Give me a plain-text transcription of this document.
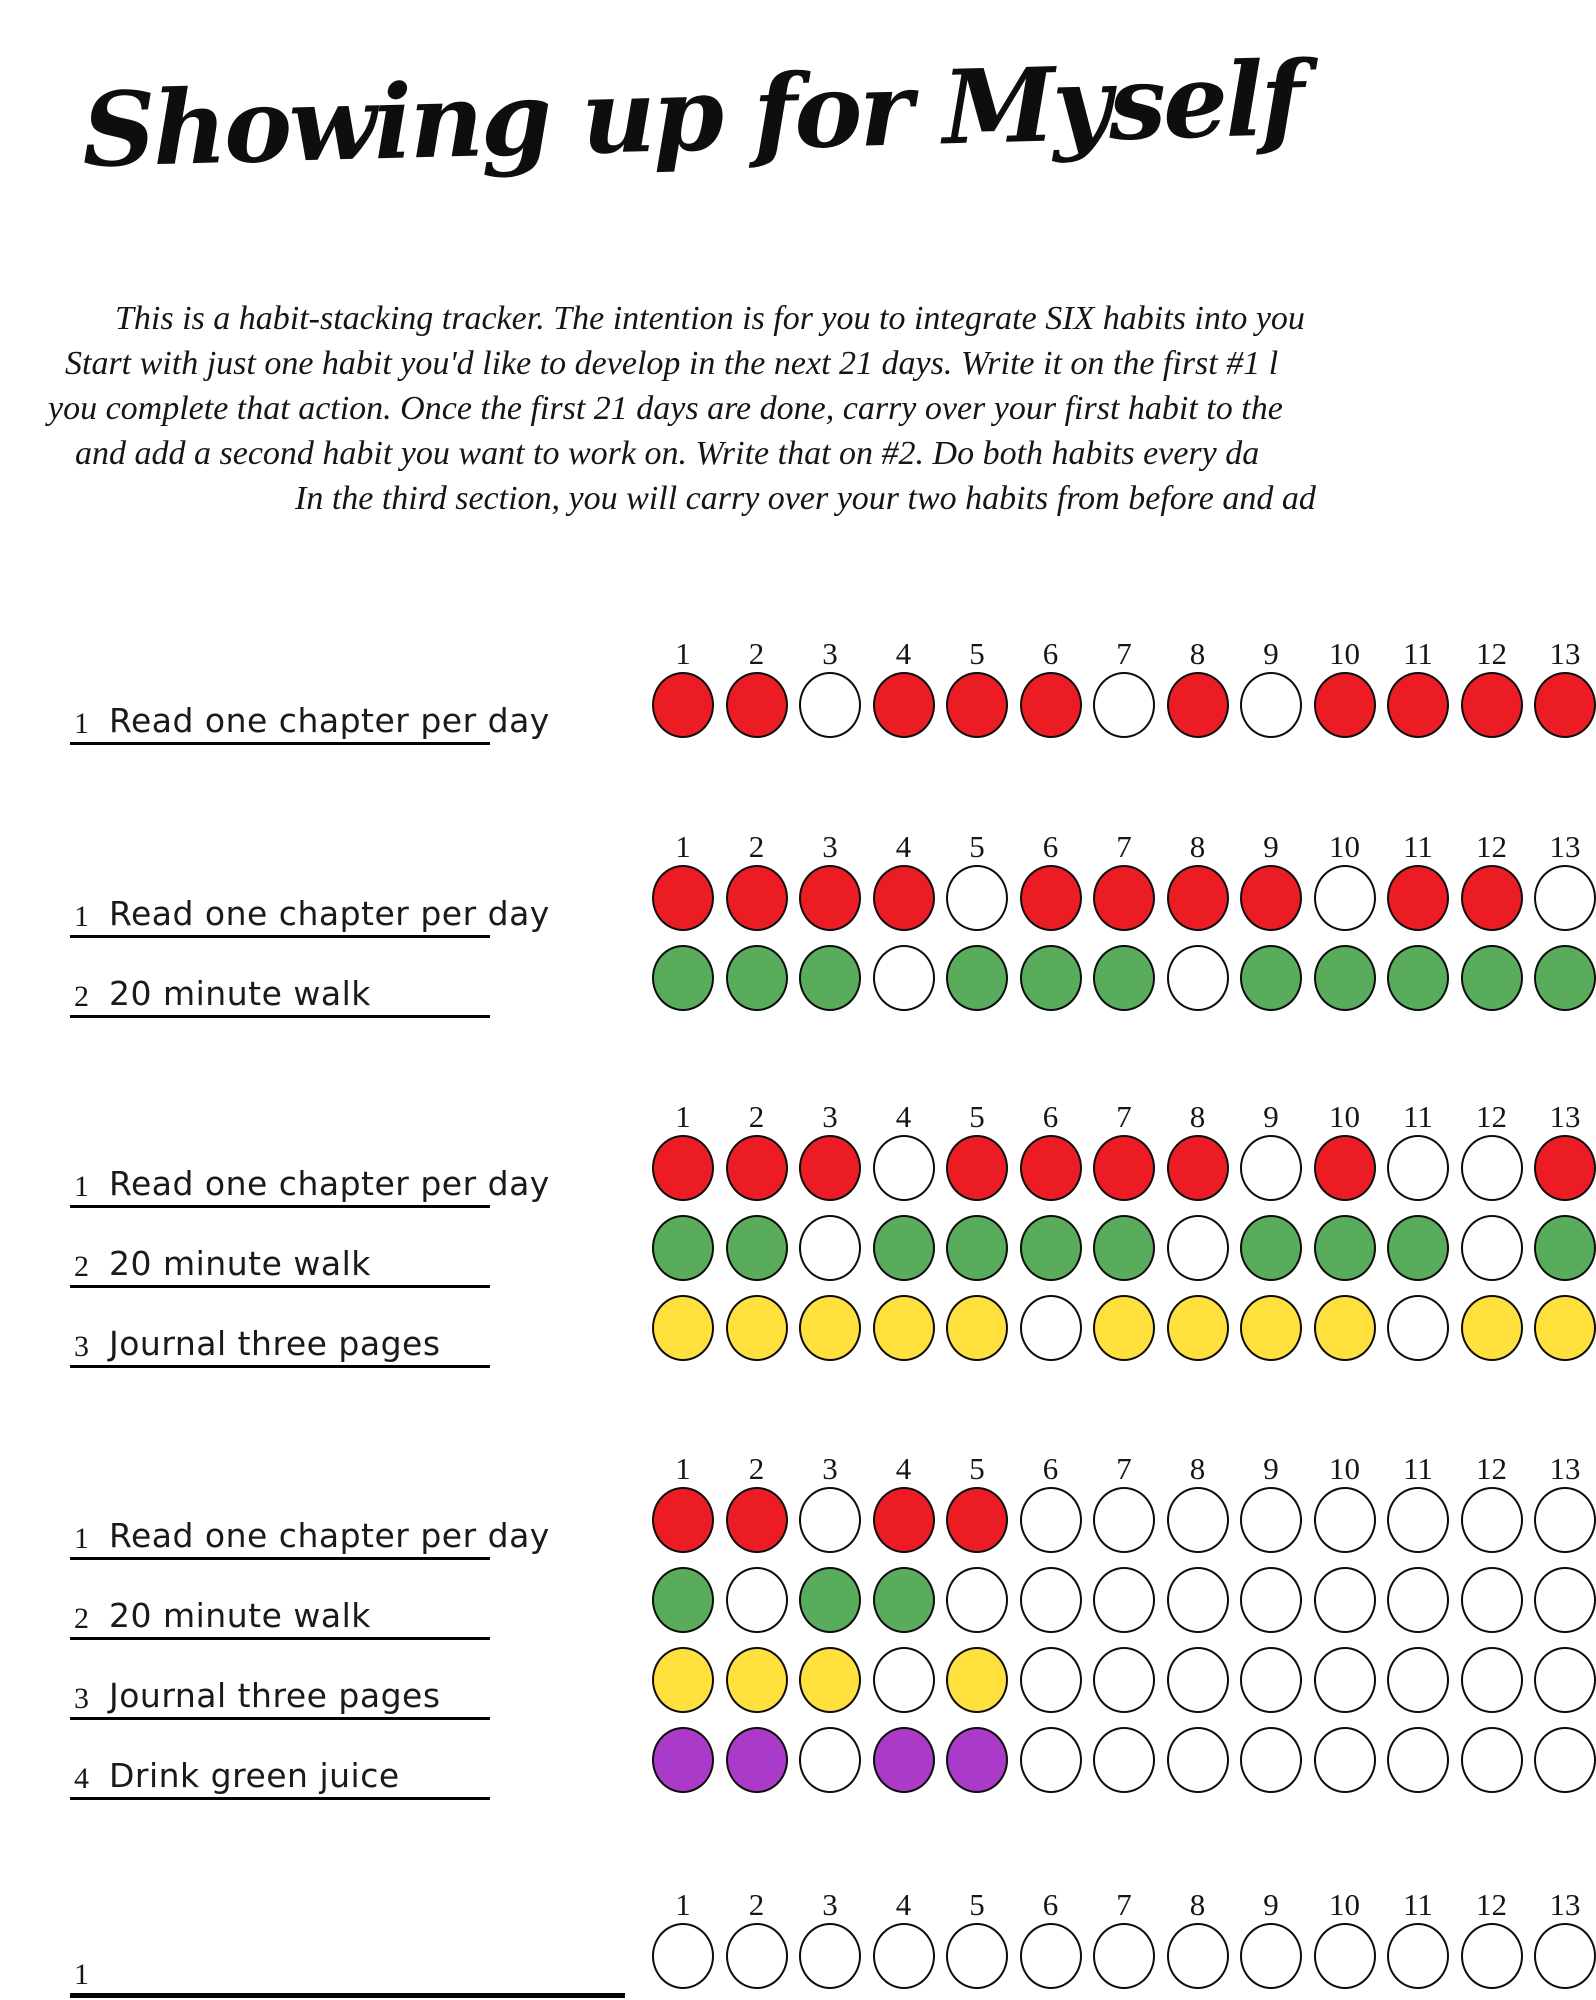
Showing up for Myself
This is a habit-stacking tracker. The intention is for you to integrate SIX habits into you
Start with just one habit you'd like to develop in the next 21 days. Write it on the first #1 l
you complete that action. Once the first 21 days are done, carry over your first habit to the
and add a second habit you want to work on. Write that on #2. Do both habits every da
In the third section, you will carry over your two habits from before and ad
1	2	3	4	5	6	7	8	9	10 11 12 13
1 Read one chapter per day
1	2	3	4	5	6	7	8	9	10 11 12 13
1 Read one chapter per day
2 20 minute walk
1	2	3	4	5	6	7	8	9	10 11 12 13
1 Read one chapter per day
2 20 minute walk
3 Journal three pages
1	2	3	4	5	6	7	8	9	10 11 12 13
1 Read one chapter per day
2 20 minute walk
3 Journal three pages
4 Drink green juice
1	2	3	4	5	6	7	8	9	10 11 12 13
1
